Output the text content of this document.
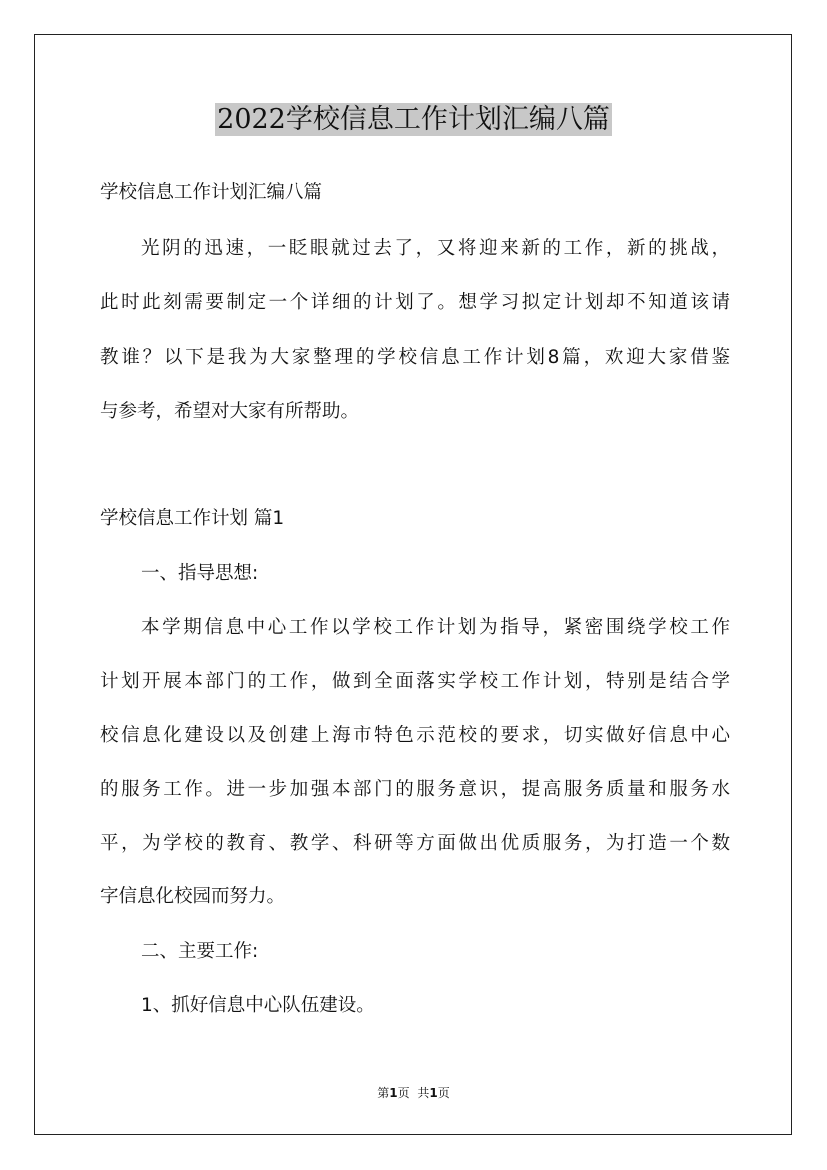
2022学校信息工作计划汇编八篇
学校信息工作计划汇编八篇
光阴的迅速，一眨眼就过去了，又将迎来新的工作，新的挑战，
此时此刻需要制定一个详细的计划了。想学习拟定计划却不知道该请
教谁？以下是我为大家整理的学校信息工作计划8篇，欢迎大家借鉴
与参考，希望对大家有所帮助。
学校信息工作计划 篇1
一、指导思想:
本学期信息中心工作以学校工作计划为指导，紧密围绕学校工作
计划开展本部门的工作，做到全面落实学校工作计划，特别是结合学
校信息化建设以及创建上海市特色示范校的要求，切实做好信息中心
的服务工作。进一步加强本部门的服务意识，提高服务质量和服务水
平，为学校的教育、教学、科研等方面做出优质服务，为打造一个数
字信息化校园而努力。
二、主要工作:
1、抓好信息中心队伍建设。
第1页 共1页
